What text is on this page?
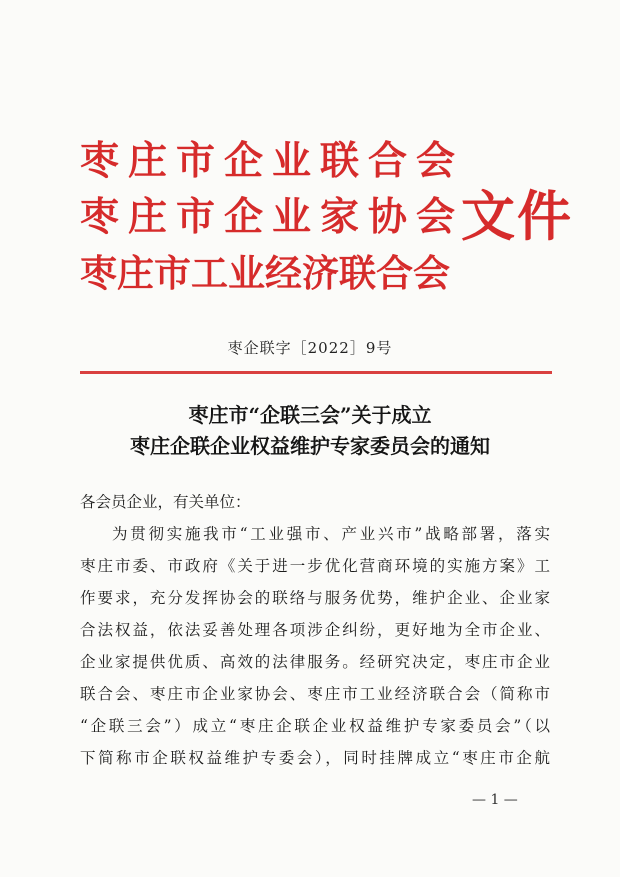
枣庄市企业联合会
枣庄市企业家协会
枣庄市工业经济联合会
文件
枣企联字［2022］9号
枣庄市“企联三会”关于成立
枣庄企联企业权益维护专家委员会的通知
各会员企业，有关单位：
为贯彻实施我市“工业强市、产业兴市”战略部署，落实
枣庄市委、市政府《关于进一步优化营商环境的实施方案》工
作要求，充分发挥协会的联络与服务优势，维护企业、企业家
合法权益，依法妥善处理各项涉企纠纷，更好地为全市企业、
企业家提供优质、高效的法律服务。经研究决定，枣庄市企业
联合会、枣庄市企业家协会、枣庄市工业经济联合会（简称市
“企联三会”）成立“枣庄企联企业权益维护专家委员会”（以
下简称市企联权益维护专委会），同时挂牌成立“枣庄市企航
— 1 —
